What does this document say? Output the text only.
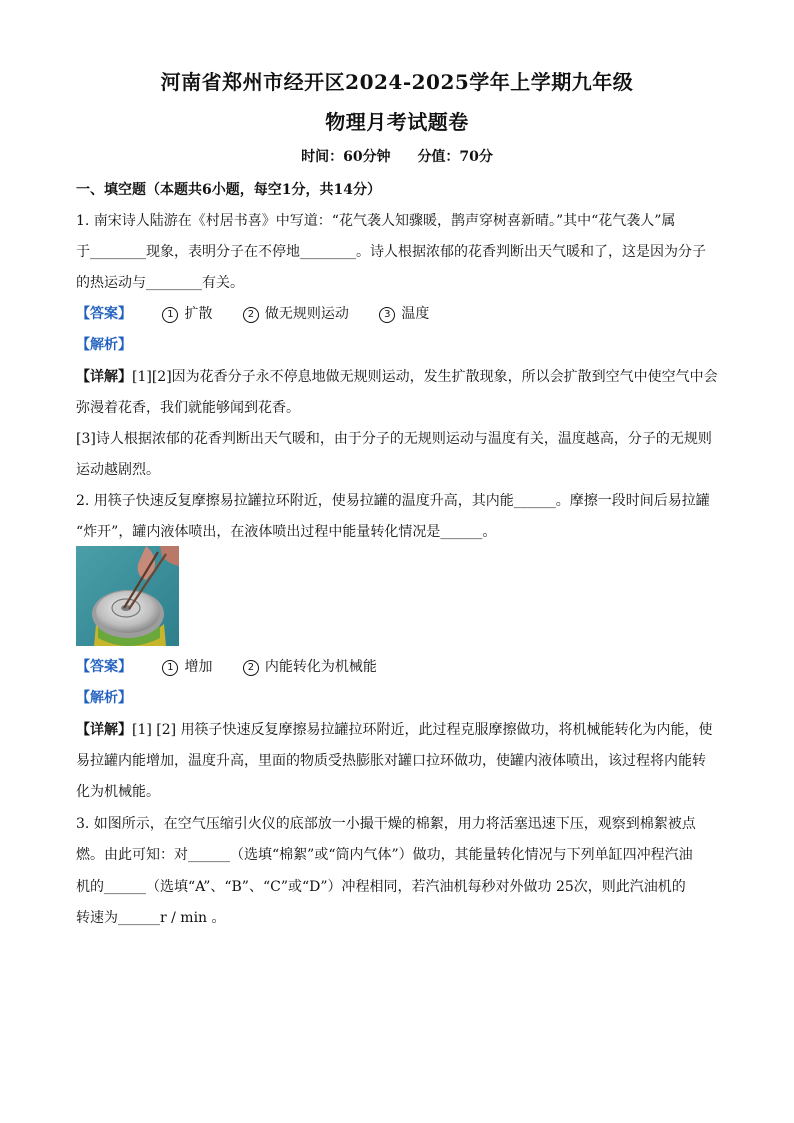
河南省郑州市经开区2024-2025学年上学期九年级
物理月考试题卷
时间：60分钟 分值：70分
一、填空题（本题共6小题，每空1分，共14分）
1. 南宋诗人陆游在《村居书喜》中写道：“花气袭人知骤暖，鹊声穿树喜新晴。”其中“花气袭人”属
于________现象，表明分子在不停地________。诗人根据浓郁的花香判断出天气暖和了，这是因为分子
的热运动与________有关。
【答案】	1 扩散	2 做无规则运动	3 温度
【解析】
【详解】[1][2]因为花香分子永不停息地做无规则运动，发生扩散现象，所以会扩散到空气中使空气中会
弥漫着花香，我们就能够闻到花香。
[3]诗人根据浓郁的花香判断出天气暖和，由于分子的无规则运动与温度有关，温度越高，分子的无规则
运动越剧烈。
2. 用筷子快速反复摩擦易拉罐拉环附近，使易拉罐的温度升高，其内能______。摩擦一段时间后易拉罐
“炸开”，罐内液体喷出，在液体喷出过程中能量转化情况是______。
【答案】	1 增加	2 内能转化为机械能
【解析】
【详解】[1] [2] 用筷子快速反复摩擦易拉罐拉环附近，此过程克服摩擦做功，将机械能转化为内能，使
易拉罐内能增加，温度升高，里面的物质受热膨胀对罐口拉环做功，使罐内液体喷出，该过程将内能转
化为机械能。
3. 如图所示，在空气压缩引火仪的底部放一小撮干燥的棉絮，用力将活塞迅速下压，观察到棉絮被点
燃。由此可知：对______（选填“棉絮”或“筒内气体”）做功，其能量转化情况与下列单缸四冲程汽油
机的______（选填“A”、“B”、“C”或“D”）冲程相同，若汽油机每秒对外做功 25次，则此汽油机的
转速为______r / min 。
